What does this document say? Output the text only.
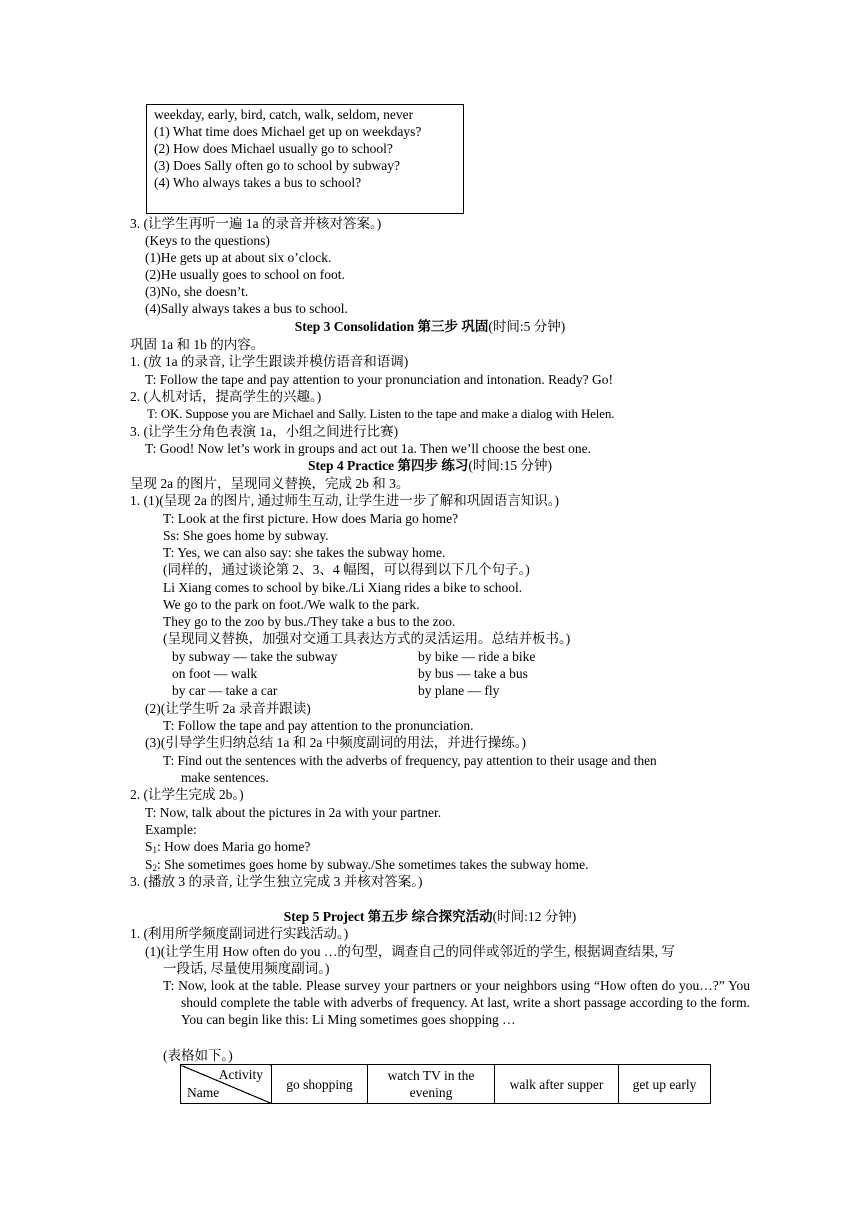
weekday, early, bird, catch, walk, seldom, never
(1) What time does Michael get up on weekdays?
(2) How does Michael usually go to school?
(3) Does Sally often go to school by subway?
(4) Who always takes a bus to school?
3. (让学生再听一遍 1a 的录音并核对答案。)
(Keys to the questions)
(1)He gets up at about six o’clock.
(2)He usually goes to school on foot.
(3)No, she doesn’t.
(4)Sally always takes a bus to school.
Step 3 Consolidation 第三步 巩固(时间:5 分钟)
巩固 1a 和 1b 的内容。
1. (放 1a 的录音, 让学生跟读并模仿语音和语调)
T: Follow the tape and pay attention to your pronunciation and intonation. Ready? Go!
2. (人机对话，提高学生的兴趣。)
T: OK. Suppose you are Michael and Sally. Listen to the tape and make a dialog with Helen.
3. (让学生分角色表演 1a，小组之间进行比赛)
T: Good! Now let’s work in groups and act out 1a. Then we’ll choose the best one.
Step 4 Practice 第四步 练习(时间:15 分钟)
呈现 2a 的图片，呈现同义替换，完成 2b 和 3。
1. (1)(呈现 2a 的图片, 通过师生互动, 让学生进一步了解和巩固语言知识。)
T: Look at the first picture. How does Maria go home?
Ss: She goes home by subway.
T: Yes, we can also say: she takes the subway home.
(同样的，通过谈论第 2、3、4 幅图，可以得到以下几个句子。)
Li Xiang comes to school by bike./Li Xiang rides a bike to school.
We go to the park on foot./We walk to the park.
They go to the zoo by bus./They take a bus to the zoo.
(呈现同义替换，加强对交通工具表达方式的灵活运用。总结并板书。)
by subway — take the subway	by bike — ride a bike
on foot — walk	by bus — take a bus
by car — take a car	by plane — fly
(2)(让学生听 2a 录音并跟读)
T: Follow the tape and pay attention to the pronunciation.
(3)(引导学生归纳总结 1a 和 2a 中频度副词的用法，并进行操练。)
T: Find out the sentences with the adverbs of frequency, pay attention to their usage and then
make sentences.
2. (让学生完成 2b。)
T: Now, talk about the pictures in 2a with your partner.
Example:
$S_1$: How does Maria go home?
$S_2$: She sometimes goes home by subway./She sometimes takes the subway home.
3. (播放 3 的录音, 让学生独立完成 3 并核对答案。)
Step 5 Project 第五步 综合探究活动(时间:12 分钟)
1. (利用所学频度副词进行实践活动。)
(1)(让学生用 How often do you …的句型，调查自己的同伴或邻近的学生, 根据调查结果, 写
一段话, 尽量使用频度副词。)
T: Now, look at the table. Please survey your partners or your neighbors using “How often do you…?” You should complete the table with adverbs of frequency. At last, write a short passage according to the form. You can begin like this: Li Ming sometimes goes shopping …
(表格如下。)
Activity
Name
	go shopping	watch TV in the evening	walk after supper	get up early
